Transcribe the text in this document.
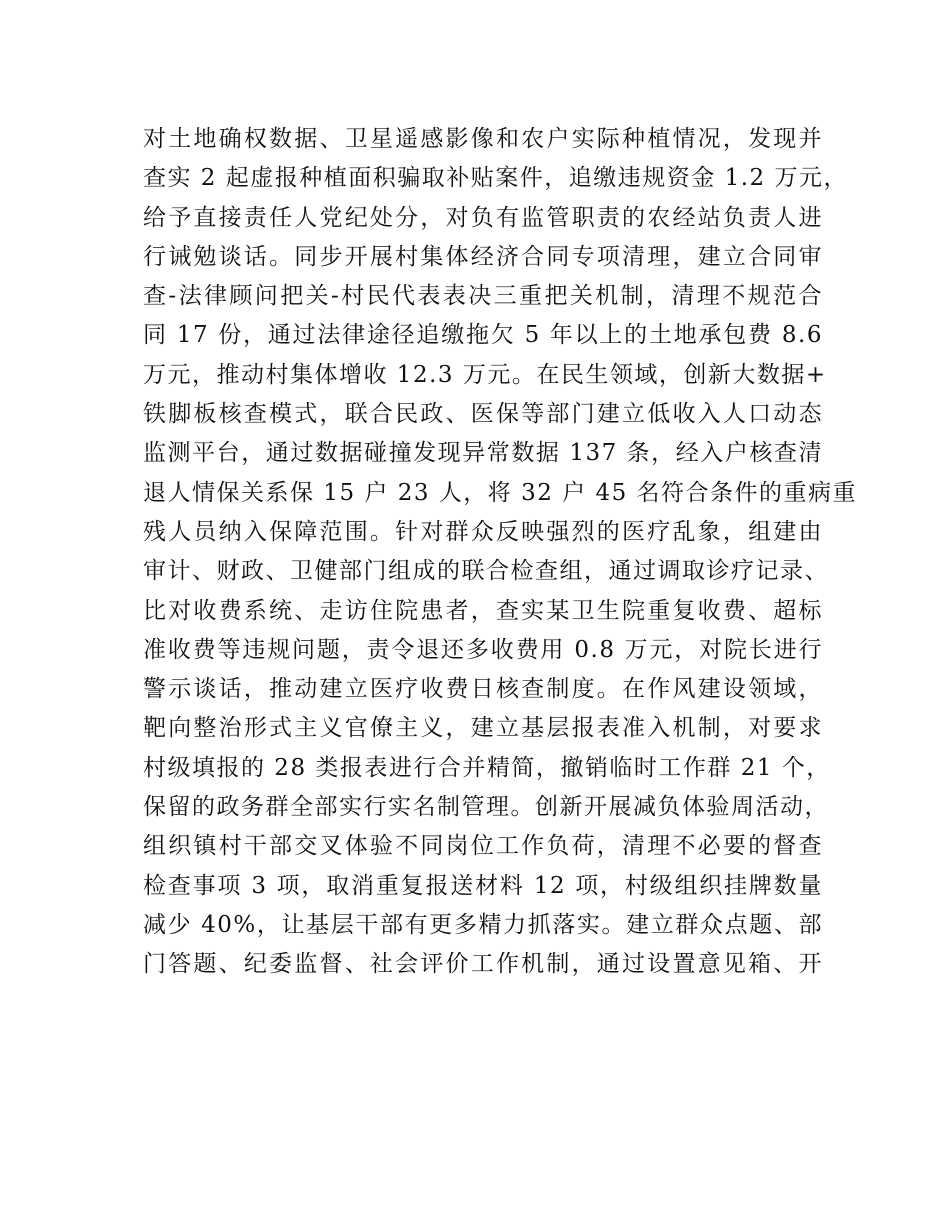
对土地确权数据、卫星遥感影像和农户实际种植情况，发现并
查实 2 起虚报种植面积骗取补贴案件，追缴违规资金 1.2 万元，
给予直接责任人党纪处分，对负有监管职责的农经站负责人进
行诫勉谈话。同步开展村集体经济合同专项清理，建立合同审
查-法律顾问把关-村民代表表决三重把关机制，清理不规范合
同 17 份，通过法律途径追缴拖欠 5 年以上的土地承包费 8.6
万元，推动村集体增收 12.3 万元。在民生领域，创新大数据+
铁脚板核查模式，联合民政、医保等部门建立低收入人口动态
监测平台，通过数据碰撞发现异常数据 137 条，经入户核查清
退人情保关系保 15 户 23 人，将 32 户 45 名符合条件的重病重
残人员纳入保障范围。针对群众反映强烈的医疗乱象，组建由
审计、财政、卫健部门组成的联合检查组，通过调取诊疗记录、
比对收费系统、走访住院患者，查实某卫生院重复收费、超标
准收费等违规问题，责令退还多收费用 0.8 万元，对院长进行
警示谈话，推动建立医疗收费日核查制度。在作风建设领域，
靶向整治形式主义官僚主义，建立基层报表准入机制，对要求
村级填报的 28 类报表进行合并精简，撤销临时工作群 21 个，
保留的政务群全部实行实名制管理。创新开展减负体验周活动，
组织镇村干部交叉体验不同岗位工作负荷，清理不必要的督查
检查事项 3 项，取消重复报送材料 12 项，村级组织挂牌数量
减少 40%，让基层干部有更多精力抓落实。建立群众点题、部
门答题、纪委监督、社会评价工作机制，通过设置意见箱、开
